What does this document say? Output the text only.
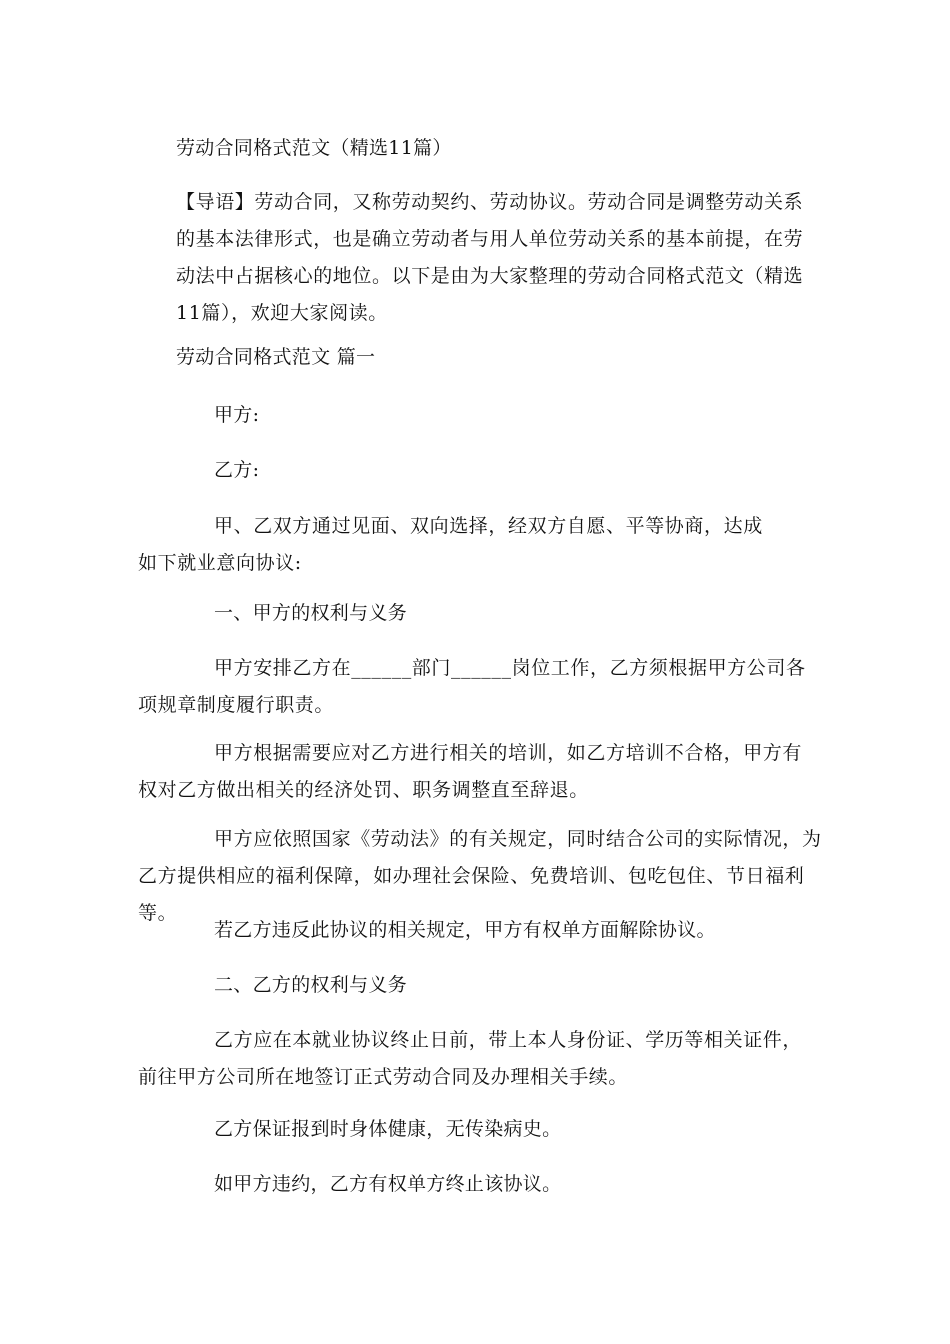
劳动合同格式范文（精选11篇）
【导语】劳动合同，又称劳动契约、劳动协议。劳动合同是调整劳动关系的基本法律形式，也是确立劳动者与用人单位劳动关系的基本前提，在劳动法中占据核心的地位。以下是由为大家整理的劳动合同格式范文（精选11篇），欢迎大家阅读。
劳动合同格式范文 篇一
甲方:
乙方:
甲、乙双方通过见面、双向选择，经双方自愿、平等协商，达成如下就业意向协议:
一、甲方的权利与义务
甲方安排乙方在______部门______岗位工作，乙方须根据甲方公司各项规章制度履行职责。
甲方根据需要应对乙方进行相关的培训，如乙方培训不合格，甲方有权对乙方做出相关的经济处罚、职务调整直至辞退。
甲方应依照国家《劳动法》的有关规定，同时结合公司的实际情况，为乙方提供相应的福利保障，如办理社会保险、免费培训、包吃包住、节日福利等。
若乙方违反此协议的相关规定，甲方有权单方面解除协议。
二、乙方的权利与义务
乙方应在本就业协议终止日前，带上本人身份证、学历等相关证件，前往甲方公司所在地签订正式劳动合同及办理相关手续。
乙方保证报到时身体健康，无传染病史。
如甲方违约，乙方有权单方终止该协议。
